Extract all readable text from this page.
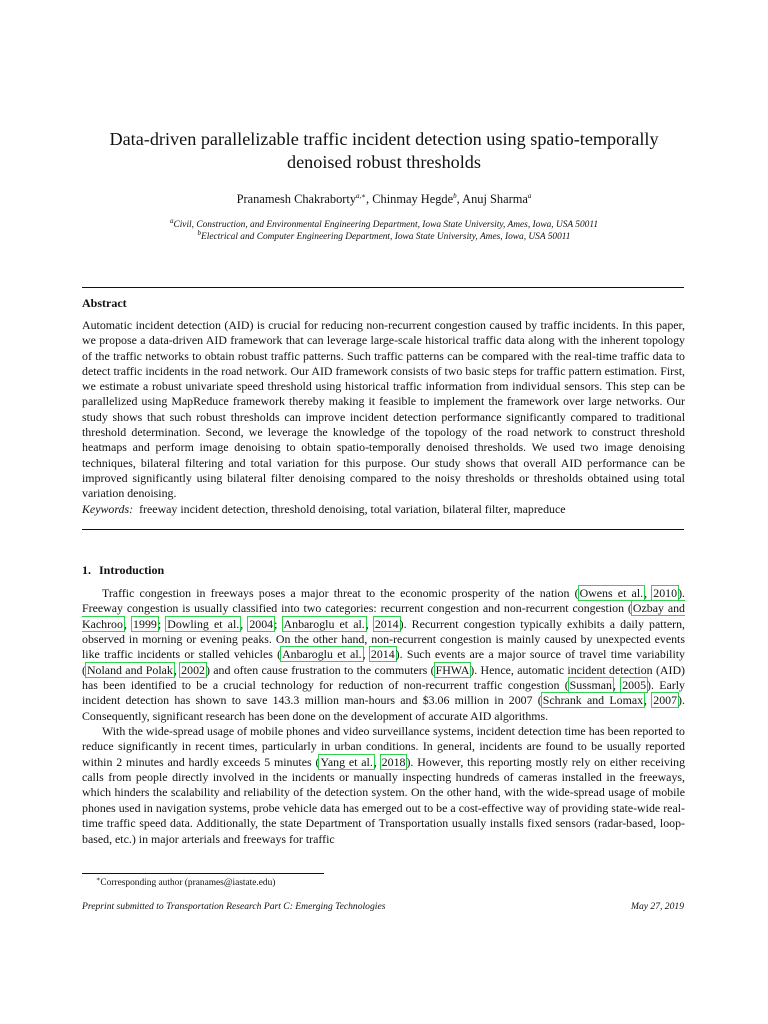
Data-driven parallelizable traffic incident detection using spatio-temporally
denoised robust thresholds
Pranamesh Chakraborty$^{a,∗}$, Chinmay Hegde$^b$, Anuj Sharma$^a$
$^a$Civil, Construction, and Environmental Engineering Department, Iowa State University, Ames, Iowa, USA 50011
$^b$Electrical and Computer Engineering Department, Iowa State University, Ames, Iowa, USA 50011
Abstract
Automatic incident detection (AID) is crucial for reducing non-recurrent congestion caused by traffic incidents. In this paper, we propose a data-driven AID framework that can leverage large-scale historical traffic data along with the inherent topology of the traffic networks to obtain robust traffic patterns. Such traffic patterns can be compared with the real-time traffic data to detect traffic incidents in the road network. Our AID framework consists of two basic steps for traffic pattern estimation. First, we estimate a robust univariate speed threshold using historical traffic information from individual sensors. This step can be parallelized using MapReduce framework thereby making it feasible to implement the framework over large networks. Our study shows that such robust thresholds can improve incident detection performance significantly compared to traditional threshold determination. Second, we leverage the knowledge of the topology of the road network to construct threshold heatmaps and perform image denoising to obtain spatio-temporally denoised thresholds. We used two image denoising techniques, bilateral filtering and total variation for this purpose. Our study shows that overall AID performance can be improved significantly using bilateral filter denoising compared to the noisy thresholds or thresholds obtained using total variation denoising.
Keywords: freeway incident detection, threshold denoising, total variation, bilateral filter, mapreduce
1. Introduction

Traffic congestion in freeways poses a major threat to the economic prosperity of the nation (Owens et al., 2010). Freeway congestion is usually classified into two categories: recurrent congestion and non-recurrent congestion (Ozbay and Kachroo, 1999; Dowling et al., 2004; Anbaroglu et al., 2014). Recurrent congestion typically exhibits a daily pattern, observed in morning or evening peaks. On the other hand, non-recurrent congestion is mainly caused by unexpected events like traffic incidents or stalled vehicles (Anbaroglu et al., 2014). Such events are a major source of travel time variability (Noland and Polak, 2002) and often cause frustration to the commuters (FHWA). Hence, automatic incident detection (AID) has been identified to be a crucial technology for reduction of non-recurrent traffic congestion (Sussman, 2005). Early incident detection has shown to save 143.3 million man-hours and $3.06 million in 2007 (Schrank and Lomax, 2007). Consequently, significant research has been done on the development of accurate AID algorithms.

With the wide-spread usage of mobile phones and video surveillance systems, incident detection time has been reported to reduce significantly in recent times, particularly in urban conditions. In general, incidents are found to be usually reported within 2 minutes and hardly exceeds 5 minutes (Yang et al., 2018). However, this reporting mostly rely on either receiving calls from people directly involved in the incidents or manually inspecting hundreds of cameras installed in the freeways, which hinders the scalability and reliability of the detection system. On the other hand, with the wide-spread usage of mobile phones used in navigation systems, probe vehicle data has emerged out to be a cost-effective way of providing state-wide real-time traffic speed data. Additionally, the state Department of Transportation usually installs fixed sensors (radar-based, loop-based, etc.) in major arterials and freeways for traffic

∗Corresponding author (pranames@iastate.edu)
Preprint submitted to Transportation Research Part C: Emerging Technologies	May 27, 2019
